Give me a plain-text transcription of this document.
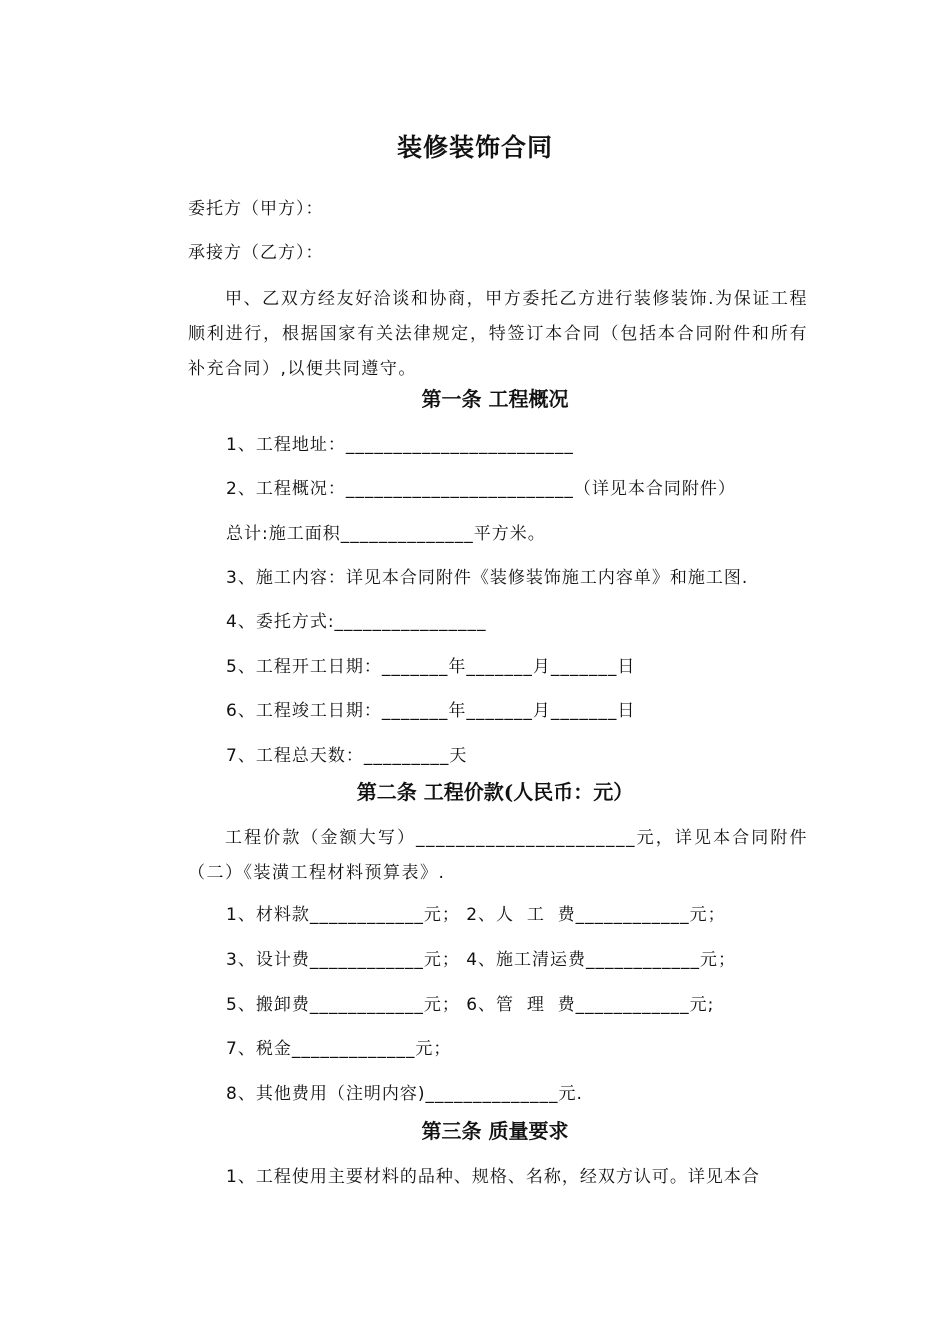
装修装饰合同
委托方（甲方）：
承接方（乙方）：
甲、乙双方经友好洽谈和协商，甲方委托乙方进行装修装饰.为保证工程顺利进行，根据国家有关法律规定，特签订本合同（包括本合同附件和所有补充合同）,以便共同遵守。
第一条 工程概况
1、工程地址：________________________
2、工程概况：________________________（详见本合同附件）
总计:施工面积______________平方米。
3、施工内容：详见本合同附件《装修装饰施工内容单》和施工图.
4、委托方式:________________
5、工程开工日期：_______年_______月_______日
6、工程竣工日期：_______年_______月_______日
7、工程总天数：_________天
第二条 工程价款(人民币：元）
工程价款（金额大写）______________________元，详见本合同附件（二）《装潢工程材料预算表》.
1、材料款____________元； 2、人  工  费____________元；
3、设计费____________元； 4、施工清运费____________元；
5、搬卸费____________元； 6、管  理  费____________元;
7、税金_____________元；
8、其他费用（注明内容)______________元.
第三条 质量要求
1、工程使用主要材料的品种、规格、名称，经双方认可。详见本合
